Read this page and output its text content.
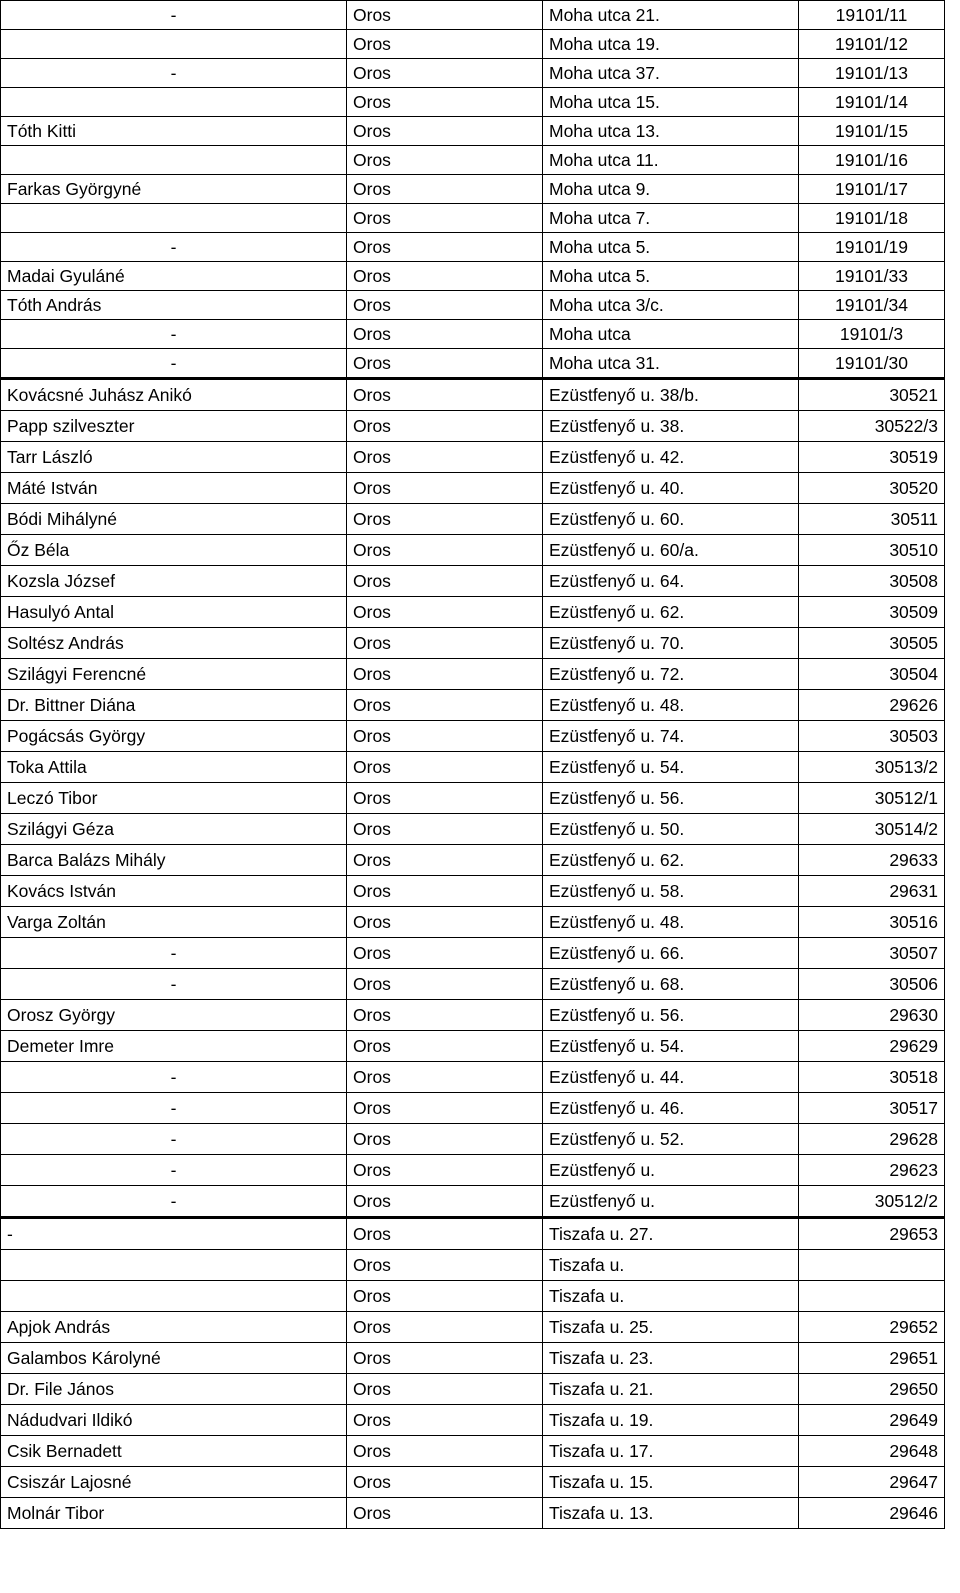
-	Oros	Moha utca 21.	19101/11
	Oros	Moha utca 19.	19101/12
-	Oros	Moha utca 37.	19101/13
	Oros	Moha utca 15.	19101/14
Tóth Kitti	Oros	Moha utca 13.	19101/15
	Oros	Moha utca 11.	19101/16
Farkas Györgyné	Oros	Moha utca 9.	19101/17
	Oros	Moha utca 7.	19101/18
-	Oros	Moha utca 5.	19101/19
Madai Gyuláné	Oros	Moha utca 5.	19101/33
Tóth András	Oros	Moha utca 3/c.	19101/34
-	Oros	Moha utca	19101/3
-	Oros	Moha utca 31.	19101/30
Kovácsné Juhász Anikó	Oros	Ezüstfenyő u. 38/b.	30521
Papp szilveszter	Oros	Ezüstfenyő u. 38.	30522/3
Tarr László	Oros	Ezüstfenyő u. 42.	30519
Máté István	Oros	Ezüstfenyő u. 40.	30520
Bódi Mihályné	Oros	Ezüstfenyő u. 60.	30511
Őz Béla	Oros	Ezüstfenyő u. 60/a.	30510
Kozsla József	Oros	Ezüstfenyő u. 64.	30508
Hasulyó Antal	Oros	Ezüstfenyő u. 62.	30509
Soltész András	Oros	Ezüstfenyő u. 70.	30505
Szilágyi Ferencné	Oros	Ezüstfenyő u. 72.	30504
Dr. Bittner Diána	Oros	Ezüstfenyő u. 48.	29626
Pogácsás György	Oros	Ezüstfenyő u. 74.	30503
Toka Attila	Oros	Ezüstfenyő u. 54.	30513/2
Leczó Tibor	Oros	Ezüstfenyő u. 56.	30512/1
Szilágyi Géza	Oros	Ezüstfenyő u. 50.	30514/2
Barca Balázs Mihály	Oros	Ezüstfenyő u. 62.	29633
Kovács István	Oros	Ezüstfenyő u. 58.	29631
Varga Zoltán	Oros	Ezüstfenyő u. 48.	30516
-	Oros	Ezüstfenyő u. 66.	30507
-	Oros	Ezüstfenyő u. 68.	30506
Orosz György	Oros	Ezüstfenyő u. 56.	29630
Demeter Imre	Oros	Ezüstfenyő u. 54.	29629
-	Oros	Ezüstfenyő u. 44.	30518
-	Oros	Ezüstfenyő u. 46.	30517
-	Oros	Ezüstfenyő u. 52.	29628
-	Oros	Ezüstfenyő u.	29623
-	Oros	Ezüstfenyő u.	30512/2
-	Oros	Tiszafa u. 27.	29653
	Oros	Tiszafa u.	
	Oros	Tiszafa u.	
Apjok András	Oros	Tiszafa u. 25.	29652
Galambos Károlyné	Oros	Tiszafa u. 23.	29651
Dr. File János	Oros	Tiszafa u. 21.	29650
Nádudvari Ildikó	Oros	Tiszafa u. 19.	29649
Csik Bernadett	Oros	Tiszafa u. 17.	29648
Csiszár Lajosné	Oros	Tiszafa u. 15.	29647
Molnár Tibor	Oros	Tiszafa u. 13.	29646
